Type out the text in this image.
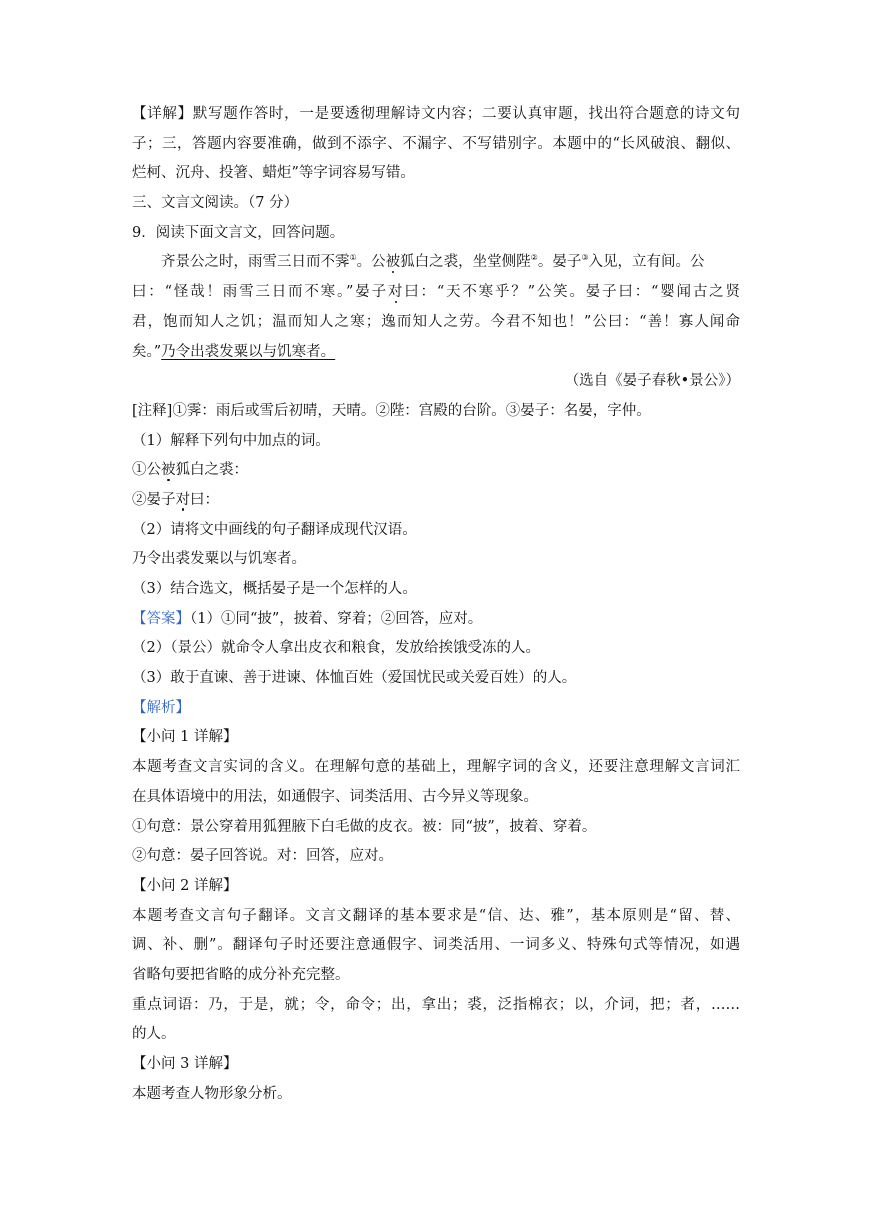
【详解】默写题作答时，一是要透彻理解诗文内容；二要认真审题，找出符合题意的诗文句
子；三，答题内容要准确，做到不添字、不漏字、不写错别字。本题中的“长风破浪、翻似、
烂柯、沉舟、投箸、蜡炬”等字词容易写错。
三、文言文阅读。（7 分）
9．阅读下面文言文，回答问题。
齐景公之时，雨雪三日而不霁①。公被狐白之裘，坐堂侧陛②。晏子③入见，立有间。公
曰：“怪哉！雨雪三日而不寒。”晏子对曰：“天不寒乎？”公笑。晏子曰：“婴闻古之贤
君，饱而知人之饥；温而知人之寒；逸而知人之劳。今君不知也！”公曰：“善！寡人闻命
矣。”乃令出裘发粟以与饥寒者。
（选自《晏子春秋•景公》）
[注释]①霁：雨后或雪后初晴，天晴。②陛：宫殿的台阶。③晏子：名晏，字仲。
（1）解释下列句中加点的词。
①公被狐白之裘：
②晏子对曰：
（2）请将文中画线的句子翻译成现代汉语。
乃令出裘发粟以与饥寒者。
（3）结合选文，概括晏子是一个怎样的人。
【答案】（1）①同“披”，披着、穿着；②回答，应对。
（2）（景公）就命令人拿出皮衣和粮食，发放给挨饿受冻的人。
（3）敢于直谏、善于进谏、体恤百姓（爱国忧民或关爱百姓）的人。
【解析】
【小问 1 详解】
本题考查文言实词的含义。在理解句意的基础上，理解字词的含义，还要注意理解文言词汇
在具体语境中的用法，如通假字、词类活用、古今异义等现象。
①句意：景公穿着用狐狸腋下白毛做的皮衣。被：同“披”，披着、穿着。
②句意：晏子回答说。对：回答，应对。
【小问 2 详解】
本题考查文言句子翻译。文言文翻译的基本要求是“信、达、雅”，基本原则是“留、替、
调、补、删”。翻译句子时还要注意通假字、词类活用、一词多义、特殊句式等情况，如遇
省略句要把省略的成分补充完整。
重点词语：乃，于是，就；令，命令；出，拿出；裘，泛指棉衣；以，介词，把；者，……
的人。
【小问 3 详解】
本题考查人物形象分析。
